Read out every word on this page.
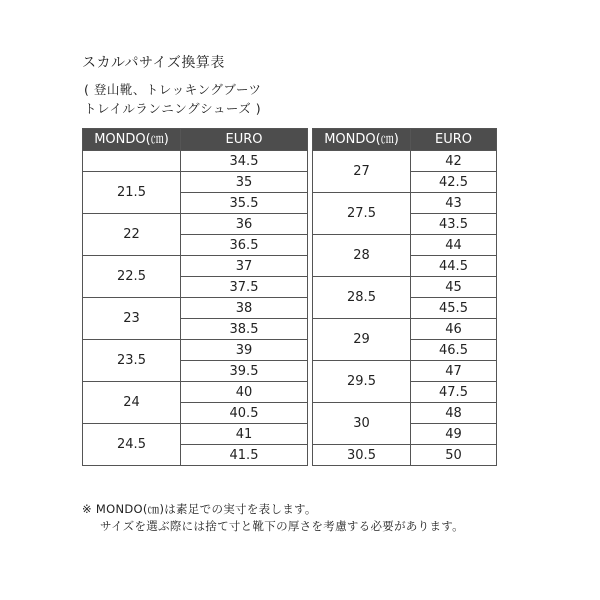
スカルパサイズ換算表
( 登山靴、トレッキングブーツ
トレイルランニングシューズ )
MONDO(㎝)	EURO
	34.5
21.5	35
	35.5
22	36
	36.5
22.5	37
	37.5
23	38
	38.5
23.5	39
	39.5
24	40
	40.5
24.5	41
	41.5
MONDO(㎝)	EURO
27	42
	42.5
27.5	43
	43.5
28	44
	44.5
28.5	45
	45.5
29	46
	46.5
29.5	47
	47.5
30	48
	49
30.5	50
※ MONDO(㎝)は素足での実寸を表します。
サイズを選ぶ際には捨て寸と靴下の厚さを考慮する必要があります。
